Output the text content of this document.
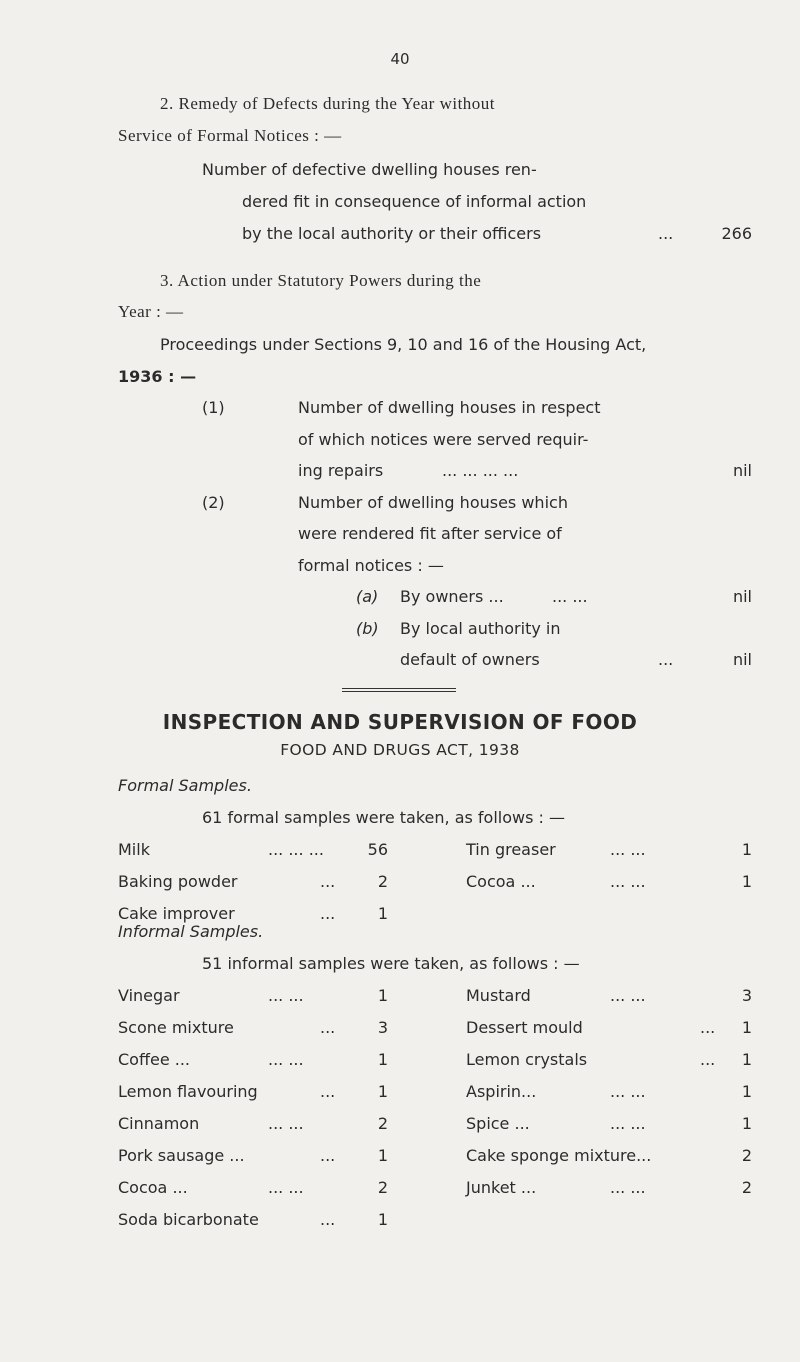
40
2. Remedy of Defects during the Year without
Service of Formal Notices : —
Number of defective dwelling houses ren-
dered fit in consequence of informal action
by the local authority or their officers	...	266
3. Action under Statutory Powers during the
Year : —
Proceedings under Sections 9, 10 and 16 of the Housing Act,
1936 : —
(1)	Number of dwelling houses in respect
of which notices were served requir-
ing repairs	... ... ... ...	nil
(2)	Number of dwelling houses which
were rendered fit after service of
formal notices : —
(a) By owners ...	... ...	nil
(b) By local authority in
default of owners	...	nil
INSPECTION AND SUPERVISION OF FOOD
FOOD AND DRUGS ACT, 1938
Formal Samples.
61 formal samples were taken, as follows : —
Milk	... ... ...	56	Tin greaser	... ...	1
Baking powder	...	2	Cocoa ...	... ...	1
Cake improver	...	1
Informal Samples.
51 informal samples were taken, as follows : —
Vinegar	... ...	1	Mustard	... ...	3
Scone mixture	...	3	Dessert mould	...	1
Coffee ...	... ...	1	Lemon crystals	...	1
Lemon flavouring	...	1	Aspirin...	... ...	1
Cinnamon	... ...	2	Spice ...	... ...	1
Pork sausage ...	...	1	Cake sponge mixture...	2
Cocoa ...	... ...	2	Junket ...	... ...	2
Soda bicarbonate	...	1
